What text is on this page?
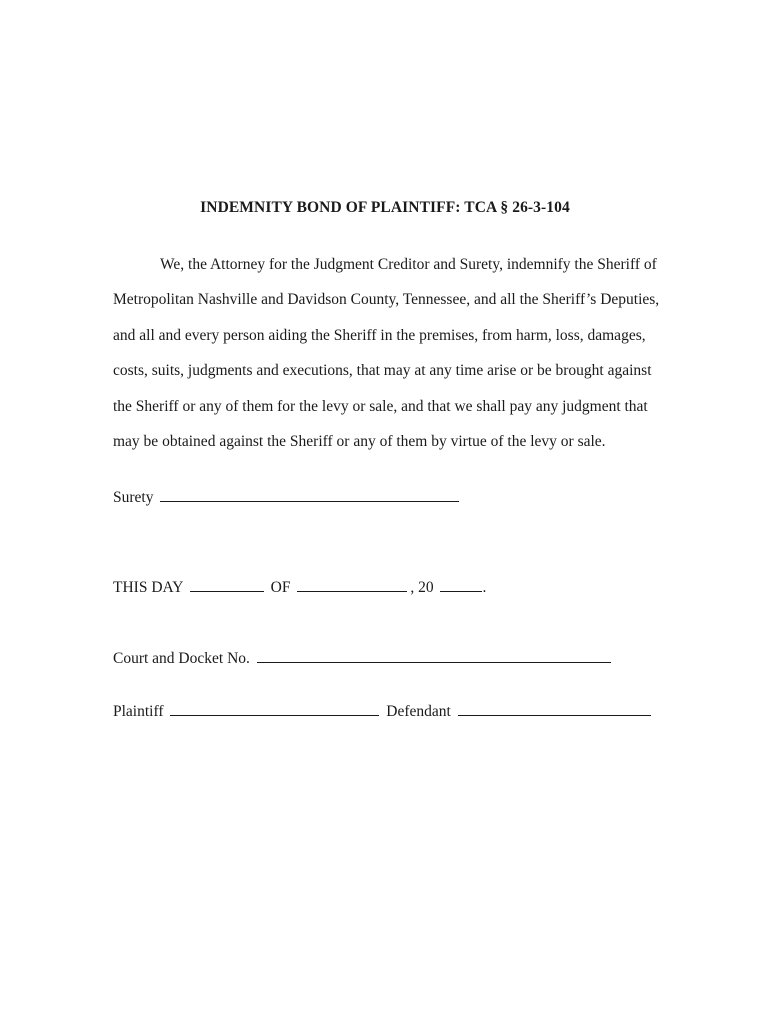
INDEMNITY BOND OF PLAINTIFF: TCA § 26-3-104
We, the Attorney for the Judgment Creditor and Surety, indemnify the Sheriff of
Metropolitan Nashville and Davidson County, Tennessee, and all the Sheriff’s Deputies,
and all and every person aiding the Sheriff in the premises, from harm, loss, damages,
costs, suits, judgments and executions, that may at any time arise or be brought against
the Sheriff or any of them for the levy or sale, and that we shall pay any judgment that
may be obtained against the Sheriff or any of them by virtue of the levy or sale.
Surety
THIS DAY	OF	, 20	.
Court and Docket No.
Plaintiff	Defendant
